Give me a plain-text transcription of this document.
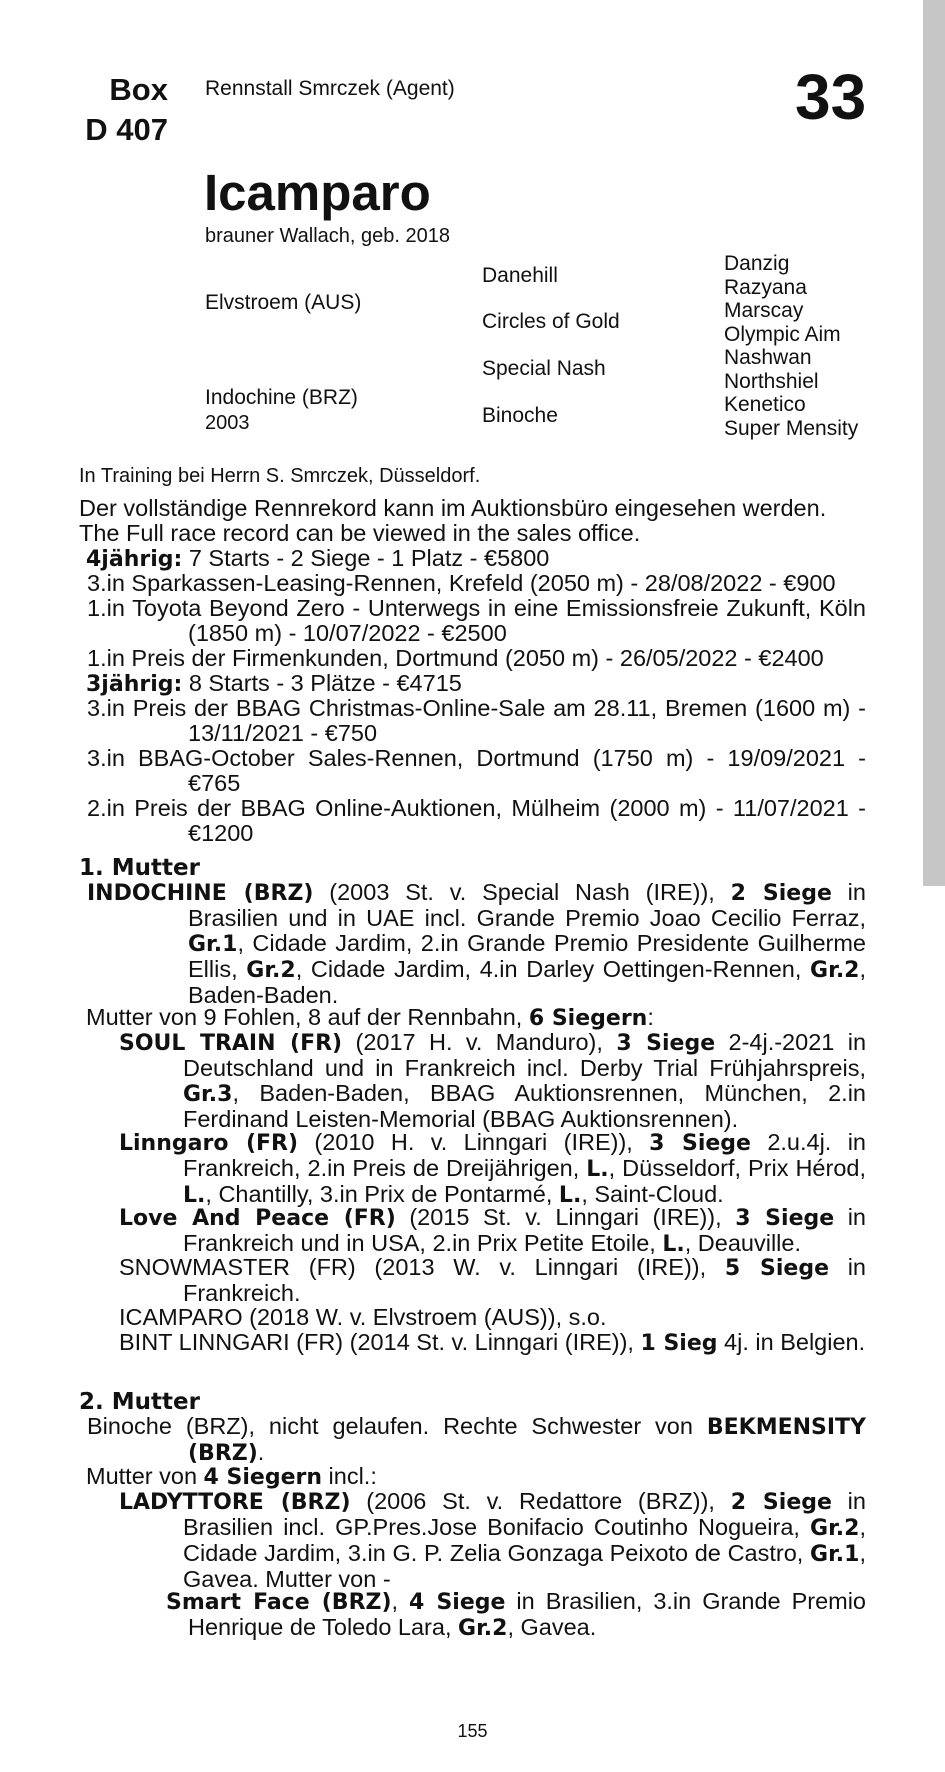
Box
D 407
Rennstall Smrczek (Agent)	33
Icamparo
brauner Wallach, geb. 2018
Elvstroem (AUS)
Indochine (BRZ)
2003
Danehill
Circles of Gold
Special Nash
Binoche
Danzig
Razyana
Marscay
Olympic Aim
Nashwan
Northshiel
Kenetico
Super Mensity
In Training bei Herrn S. Smrczek, Düsseldorf.
Der vollständige Rennrekord kann im Auktionsbüro eingesehen werden.
The Full race record can be viewed in the sales office.
4jährig: 7 Starts - 2 Siege - 1 Platz - €5800
3.in Sparkassen-Leasing-Rennen, Krefeld (2050 m) - 28/08/2022 - €900
1.in Toyota Beyond Zero - Unterwegs in eine Emissionsfreie Zukunft, Köln (1850 m) - 10/07/2022 - €2500
1.in Preis der Firmenkunden, Dortmund (2050 m) - 26/05/2022 - €2400
3jährig: 8 Starts - 3 Plätze - €4715
3.in Preis der BBAG Christmas-Online-Sale am 28.11, Bremen (1600 m) - 13/11/2021 - €750
3.in BBAG-October Sales-Rennen, Dortmund (1750 m) - 19/09/2021 - €765
2.in Preis der BBAG Online-Auktionen, Mülheim (2000 m) - 11/07/2021 - €1200
1. Mutter
INDOCHINE (BRZ) (2003 St. v. Special Nash (IRE)), 2 Siege in Brasilien und in UAE incl. Grande Premio Joao Cecilio Ferraz, Gr.1, Cidade Jardim, 2.in Grande Premio Presidente Guilherme Ellis, Gr.2, Cidade Jardim, 4.in Darley Oettingen-Rennen, Gr.2, Baden-Baden.
Mutter von 9 Fohlen, 8 auf der Rennbahn, 6 Siegern:
SOUL TRAIN (FR) (2017 H. v. Manduro), 3 Siege 2-4j.-2021 in Deutschland und in Frankreich incl. Derby Trial Frühjahrspreis, Gr.3, Baden-Baden, BBAG Auktionsrennen, München, 2.in Ferdinand Leisten-Memorial (BBAG Auktionsrennen).
Linngaro (FR) (2010 H. v. Linngari (IRE)), 3 Siege 2.u.4j. in Frankreich, 2.in Preis de Dreijährigen, L., Düsseldorf, Prix Hérod, L., Chantilly, 3.in Prix de Pontarmé, L., Saint-Cloud.
Love And Peace (FR) (2015 St. v. Linngari (IRE)), 3 Siege in Frankreich und in USA, 2.in Prix Petite Etoile, L., Deauville.
SNOWMASTER (FR) (2013 W. v. Linngari (IRE)), 5 Siege in Frankreich.
ICAMPARO (2018 W. v. Elvstroem (AUS)), s.o.
BINT LINNGARI (FR) (2014 St. v. Linngari (IRE)), 1 Sieg 4j. in Belgien.
2. Mutter
Binoche (BRZ), nicht gelaufen. Rechte Schwester von BEKMENSITY (BRZ).
Mutter von 4 Siegern incl.:
LADYTTORE (BRZ) (2006 St. v. Redattore (BRZ)), 2 Siege in Brasilien incl. GP.Pres.Jose Bonifacio Coutinho Nogueira, Gr.2, Cidade Jardim, 3.in G. P. Zelia Gonzaga Peixoto de Castro, Gr.1, Gavea. Mutter von -
Smart Face (BRZ), 4 Siege in Brasilien, 3.in Grande Premio Henrique de Toledo Lara, Gr.2, Gavea.
155
